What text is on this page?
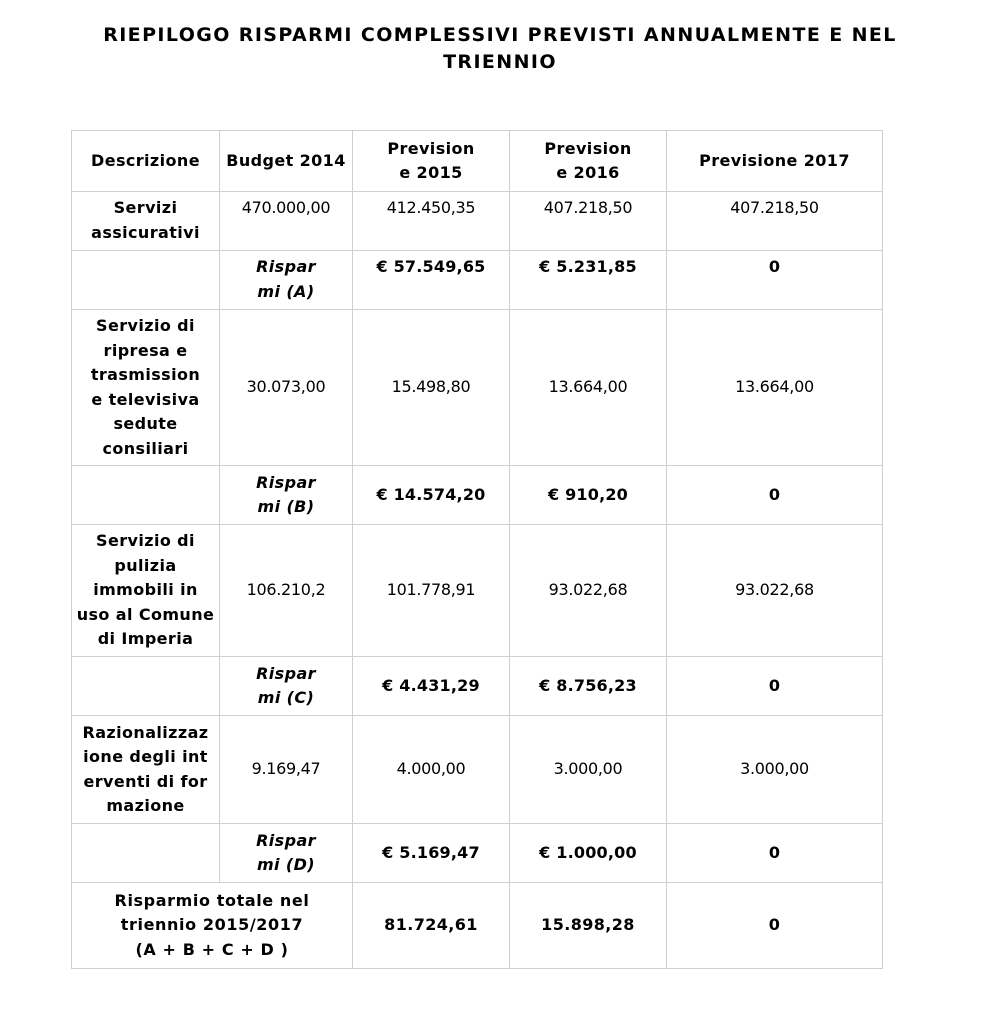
RIEPILOGO RISPARMI COMPLESSIVI PREVISTI ANNUALMENTE E NEL TRIENNIO
Descrizione	Budget 2014	Previsione 2015	Previsione 2016	Previsione 2017
Servizi assicurativi	470.000,00	412.450,35	407.218,50	407.218,50
	Risparmi (A)	€ 57.549,65	€ 5.231,85	0
Servizio di ripresa e trasmissione televisiva sedute consiliari	30.073,00	15.498,80	13.664,00	13.664,00
	Risparmi (B)	€ 14.574,20	€ 910,20	0
Servizio di pulizia immobili in uso al Comune di Imperia	106.210,2	101.778,91	93.022,68	93.022,68
	Risparmi (C)	€ 4.431,29	€ 8.756,23	0
Razionalizzazione degli interventi di formazione	9.169,47	4.000,00	3.000,00	3.000,00
	Risparmi (D)	€ 5.169,47	€ 1.000,00	0
Risparmio totale nel triennio 2015/2017 (A + B + C + D )		81.724,61	15.898,28	0
